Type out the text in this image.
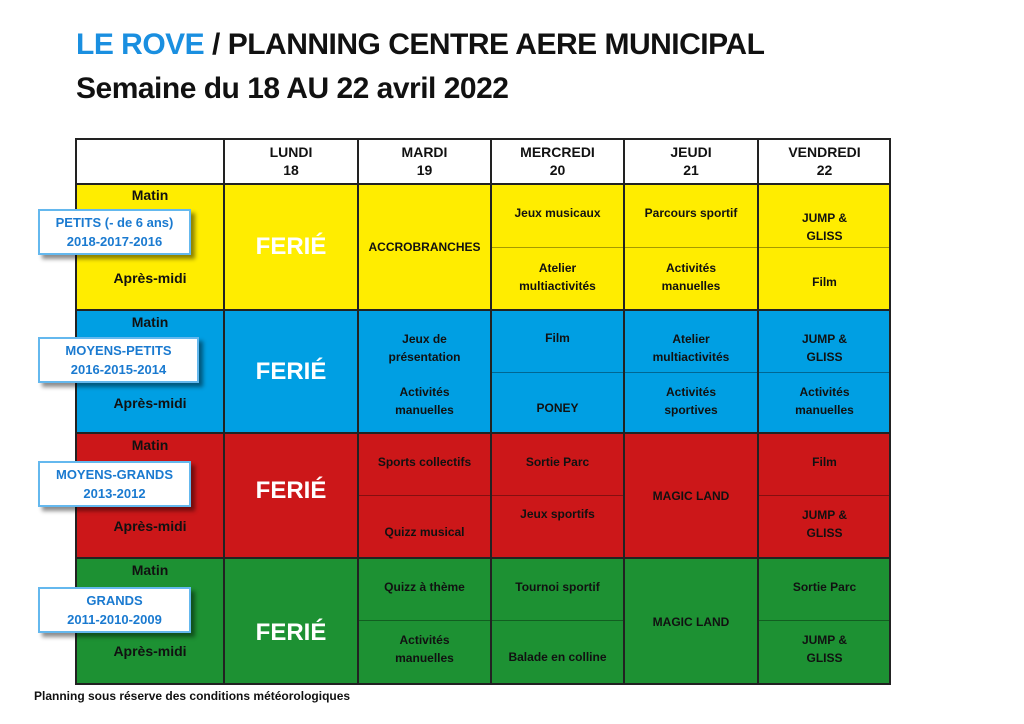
LE ROVE / PLANNING CENTRE AERE MUNICIPAL
Semaine du 18 AU 22 avril 2022
LUNDI
18
MARDI
19
MERCREDI
20
JEUDI
21
VENDREDI
22
Matin
Après-midi
Matin
Après-midi
Matin
Après-midi
Matin
Après-midi
FERIÉ
FERIÉ
FERIÉ
FERIÉ
ACCROBRANCHES
Jeux musicaux
Atelier multiactivités
Parcours sportif
Activités manuelles
JUMP & GLISS
Film
Jeux de présentation
Activités manuelles
Film
PONEY
Atelier multiactivités
Activités sportives
JUMP & GLISS
Activités manuelles
Sports collectifs
Quizz musical
Sortie Parc
Jeux sportifs
MAGIC LAND
Film
JUMP & GLISS
Quizz à thème
Activités manuelles
Tournoi sportif
Balade en colline
MAGIC LAND
Sortie Parc
JUMP & GLISS
PETITS (- de 6 ans)
2018-2017-2016
MOYENS-PETITS
2016-2015-2014
MOYENS-GRANDS
2013-2012
GRANDS
2011-2010-2009
Planning sous réserve des conditions météorologiques
